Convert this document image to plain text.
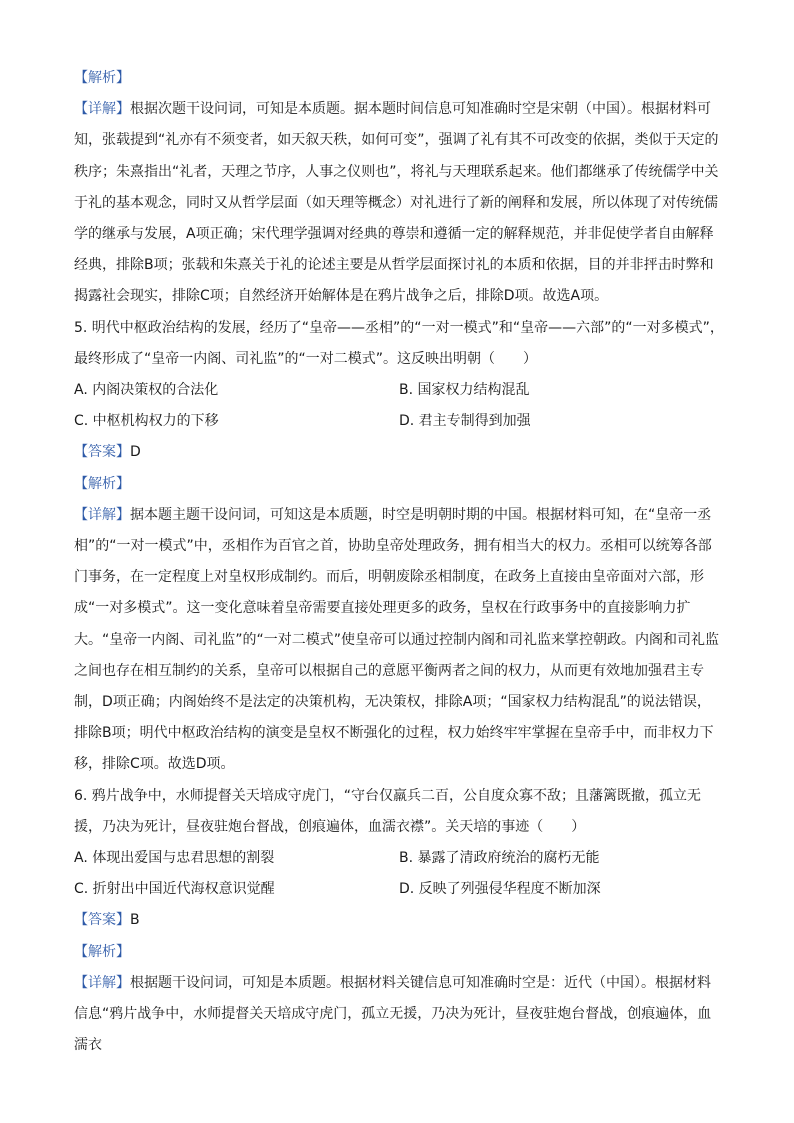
【解析】

【详解】根据次题干设问词，可知是本质题。据本题时间信息可知准确时空是宋朝（中国）。根据材料可知，张载提到“礼亦有不须变者，如天叙天秩，如何可变”，强调了礼有其不可改变的依据，类似于天定的秩序；朱熹指出“礼者，天理之节序，人事之仪则也”，将礼与天理联系起来。他们都继承了传统儒学中关于礼的基本观念，同时又从哲学层面（如天理等概念）对礼进行了新的阐释和发展，所以体现了对传统儒学的继承与发展，A项正确；宋代理学强调对经典的尊崇和遵循一定的解释规范，并非促使学者自由解释经典，排除B项；张载和朱熹关于礼的论述主要是从哲学层面探讨礼的本质和依据，目的并非抨击时弊和揭露社会现实，排除C项；自然经济开始解体是在鸦片战争之后，排除D项。故选A项。

5. 明代中枢政治结构的发展，经历了“皇帝——丞相”的“一对一模式”和“皇帝——六部”的“一对多模式”，最终形成了“皇帝一内阁、司礼监”的“一对二模式”。这反映出明朝（　　）

A. 内阁决策权的合法化	B. 国家权力结构混乱
C. 中枢机构权力的下移	D. 君主专制得到加强

【答案】D

【解析】

【详解】据本题主题干设问词，可知这是本质题，时空是明朝时期的中国。根据材料可知，在“皇帝一丞相”的“一对一模式”中，丞相作为百官之首，协助皇帝处理政务，拥有相当大的权力。丞相可以统筹各部门事务，在一定程度上对皇权形成制约。而后，明朝废除丞相制度，在政务上直接由皇帝面对六部，形成“一对多模式”。这一变化意味着皇帝需要直接处理更多的政务，皇权在行政事务中的直接影响力扩大。“皇帝一内阁、司礼监”的“一对二模式”使皇帝可以通过控制内阁和司礼监来掌控朝政。内阁和司礼监之间也存在相互制约的关系，皇帝可以根据自己的意愿平衡两者之间的权力，从而更有效地加强君主专制，D项正确；内阁始终不是法定的决策机构，无决策权，排除A项；“国家权力结构混乱”的说法错误，排除B项；明代中枢政治结构的演变是皇权不断强化的过程，权力始终牢牢掌握在皇帝手中，而非权力下移，排除C项。故选D项。

6. 鸦片战争中，水师提督关天培成守虎门，“守台仅羸兵二百，公自度众寡不敌；且藩篱既撤，孤立无援，乃决为死计，昼夜驻炮台督战，创痕遍体，血濡衣襟”。关天培的事迹（　　）

A. 体现出爱国与忠君思想的割裂	B. 暴露了清政府统治的腐朽无能
C. 折射出中国近代海权意识觉醒	D. 反映了列强侵华程度不断加深

【答案】B

【解析】

【详解】根据题干设问词，可知是本质题。根据材料关键信息可知准确时空是：近代（中国）。根据材料信息“鸦片战争中，水师提督关天培成守虎门，孤立无援，乃决为死计，昼夜驻炮台督战，创痕遍体，血濡衣
